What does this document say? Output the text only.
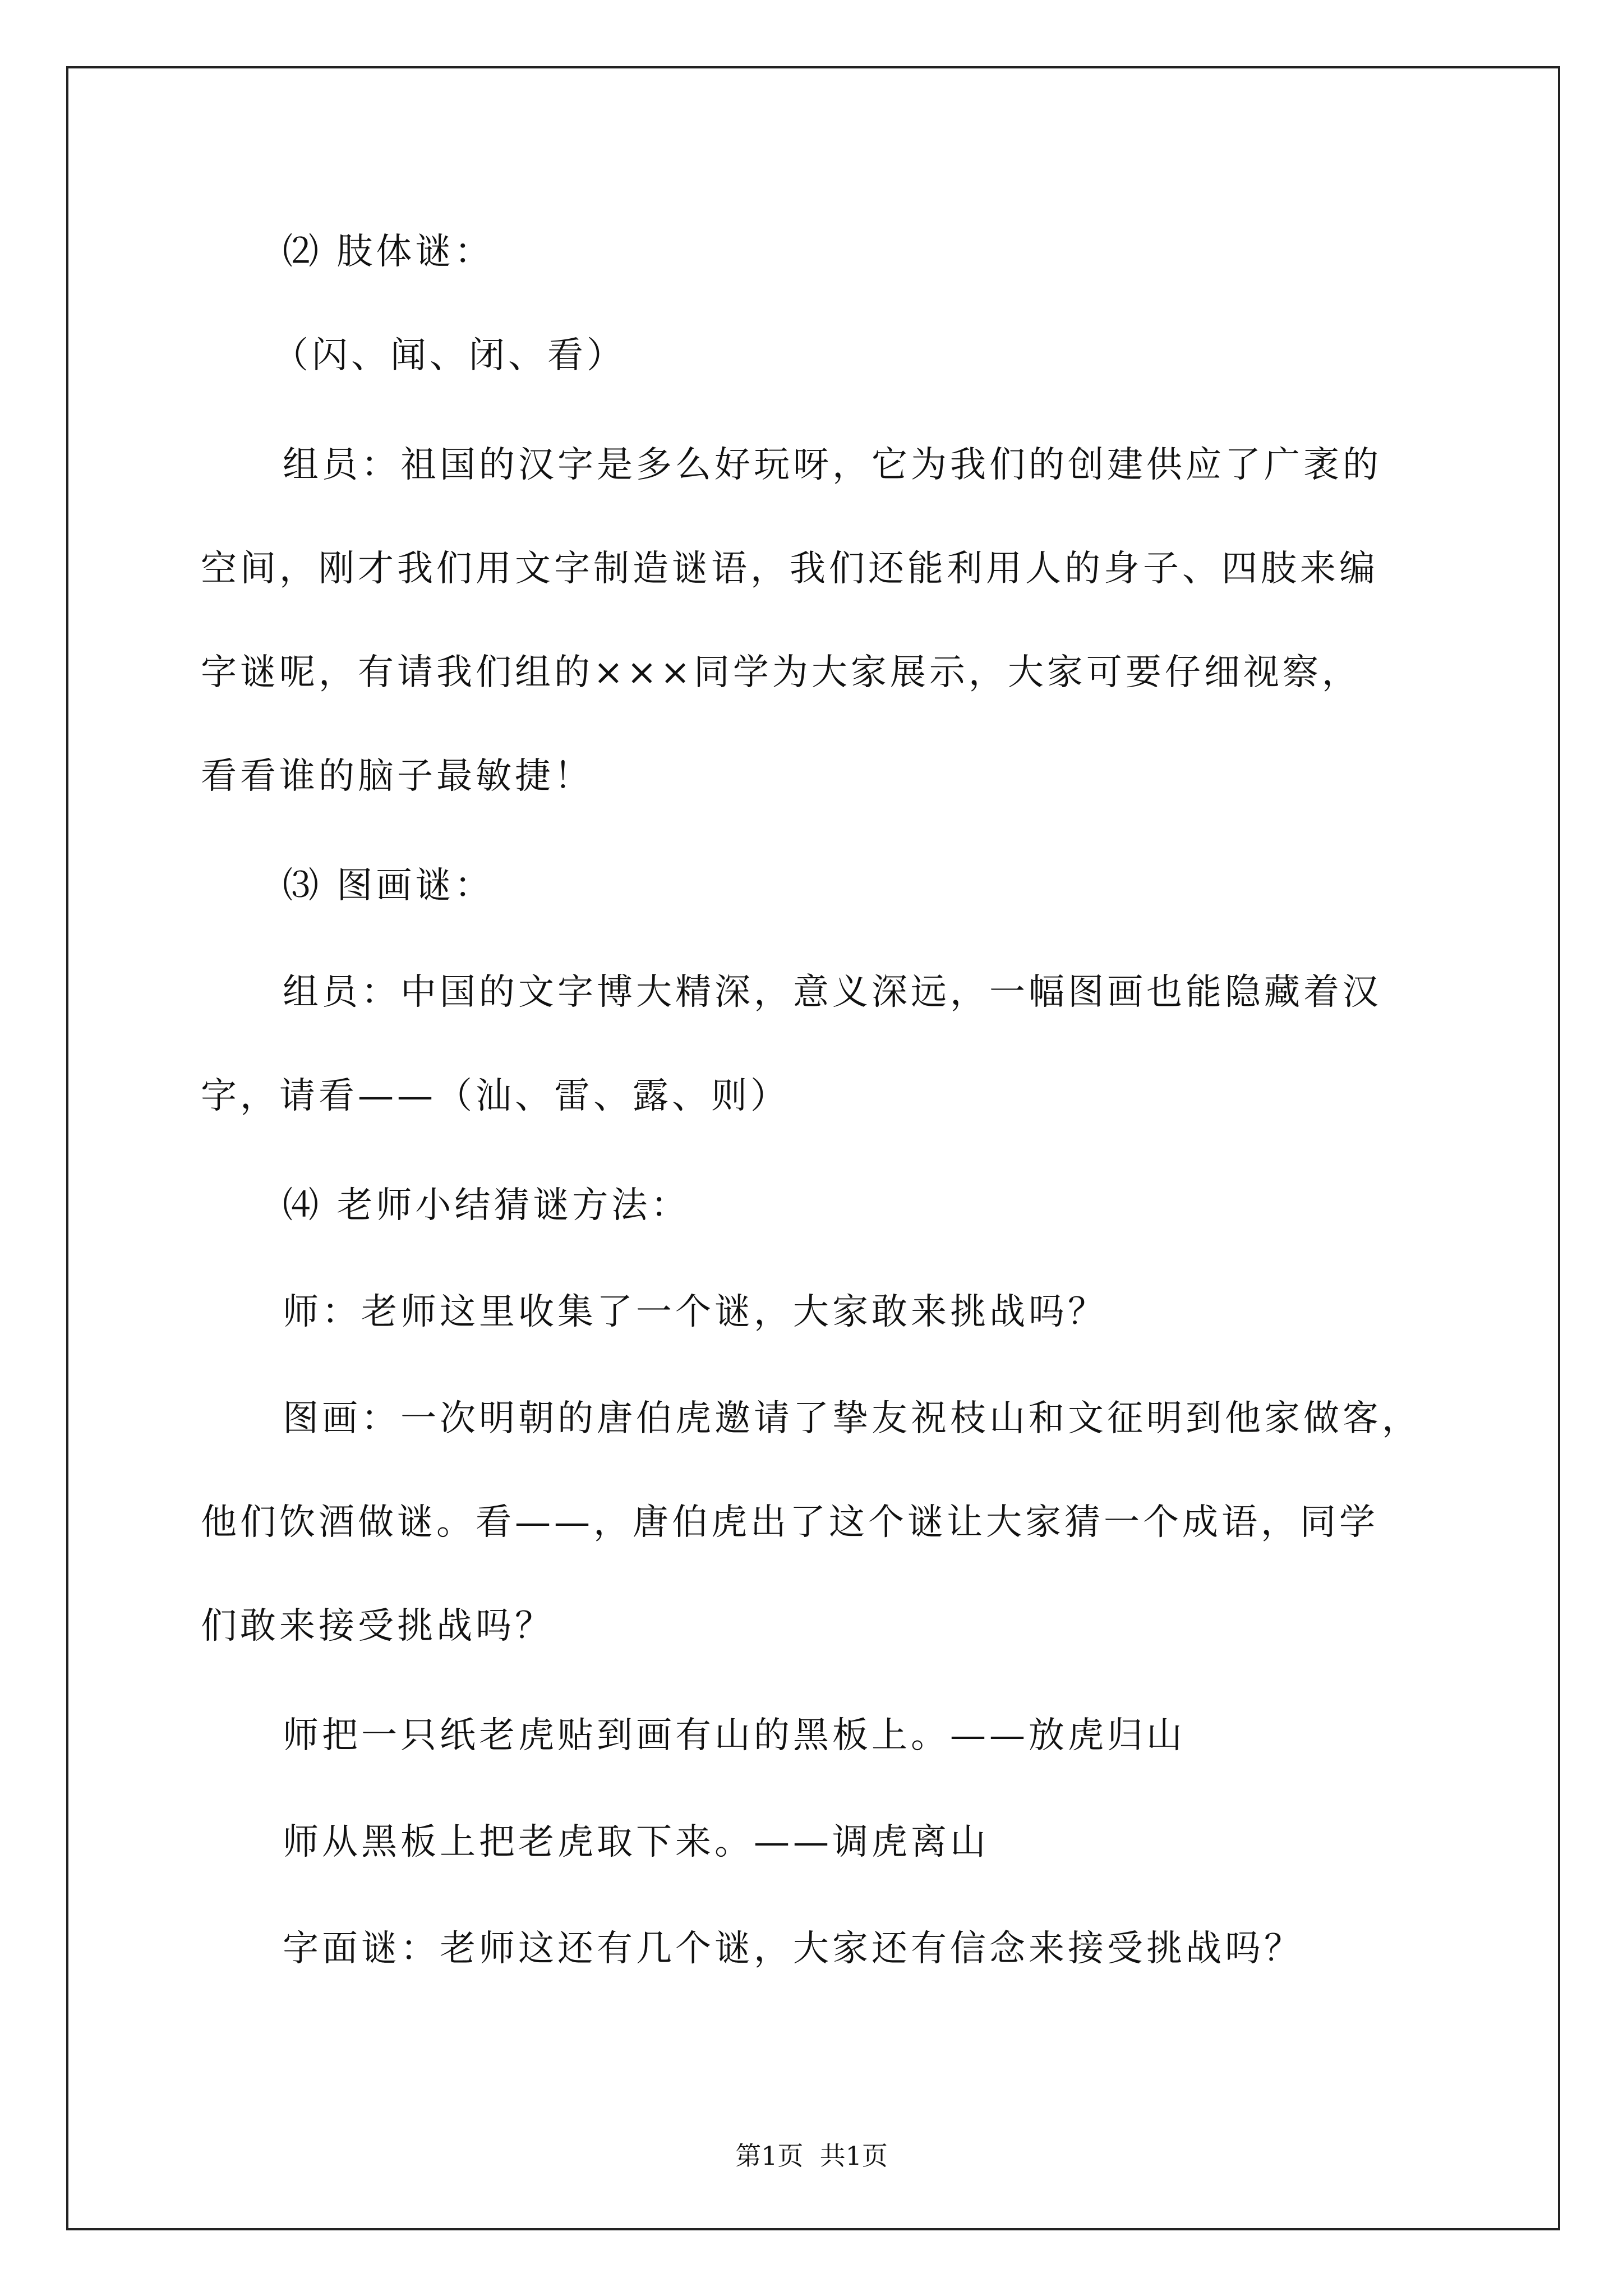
⑵ 肢体谜：
（闪、闻、闭、看）
组员：祖国的汉字是多么好玩呀，它为我们的创建供应了广袤的
空间，刚才我们用文字制造谜语，我们还能利用人的身子、四肢来编
字谜呢，有请我们组的×××同学为大家展示，大家可要仔细视察，
看看谁的脑子最敏捷！
⑶ 图画谜：
组员：中国的文字博大精深，意义深远，一幅图画也能隐藏着汉
字，请看——（汕、雷、露、则）
⑷ 老师小结猜谜方法：
师：老师这里收集了一个谜，大家敢来挑战吗？
图画：一次明朝的唐伯虎邀请了挚友祝枝山和文征明到他家做客，
他们饮酒做谜。看——，唐伯虎出了这个谜让大家猜一个成语，同学
们敢来接受挑战吗？
师把一只纸老虎贴到画有山的黑板上。——放虎归山
师从黑板上把老虎取下来。——调虎离山
字面谜：老师这还有几个谜，大家还有信念来接受挑战吗？
第1页  共1页
